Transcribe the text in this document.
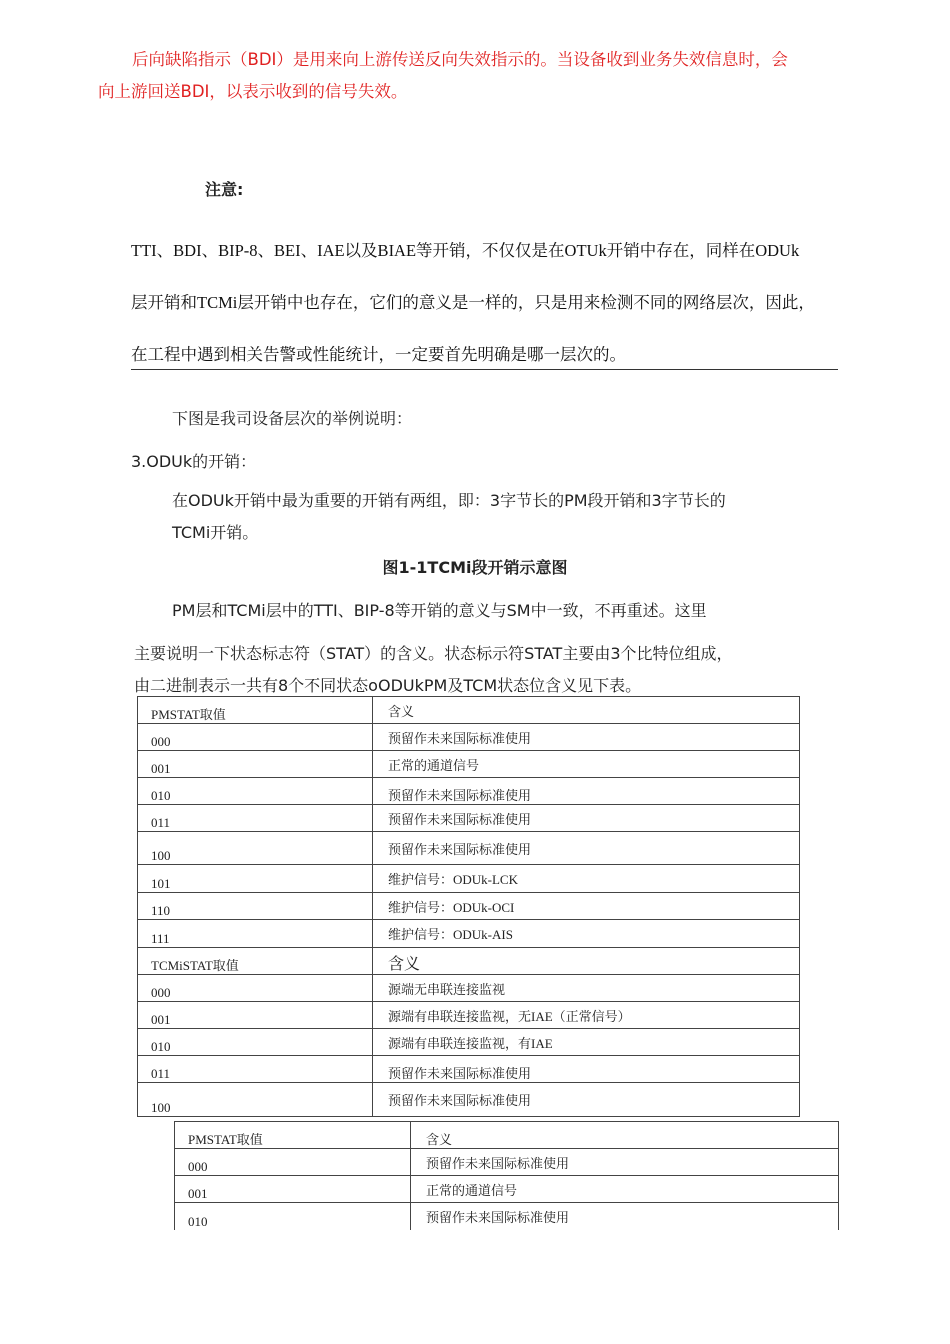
后向缺陷指示（BDI）是用来向上游传送反向失效指示的。当设备收到业务失效信息时，会
向上游回送BDI，以表示收到的信号失效。
注意:
TTI、BDI、BIP-8、BEI、IAE以及BIAE等开销，不仅仅是在OTUk开销中存在，同样在ODUk
层开销和TCMi层开销中也存在，它们的意义是一样的，只是用来检测不同的网络层次，因此，
在工程中遇到相关告警或性能统计，一定要首先明确是哪一层次的。
下图是我司设备层次的举例说明：
3.ODUk的开销：
在ODUk开销中最为重要的开销有两组，即：3字节长的PM段开销和3字节长的
TCMi开销。
图1-1TCMi段开销示意图
PM层和TCMi层中的TTI、BIP-8等开销的意义与SM中一致，不再重述。这里
主要说明一下状态标志符（STAT）的含义。状态标示符STAT主要由3个比特位组成，
由二进制表示一共有8个不同状态oODUkPM及TCM状态位含义见下表。
PMSTAT取值	含义
000	预留作未来国际标准使用
001	正常的通道信号
010	预留作未来国际标准使用
011	预留作未来国际标准使用
100	预留作未来国际标准使用
101	维护信号：ODUk-LCK
110	维护信号：ODUk-OCI
111	维护信号：ODUk-AIS
TCMiSTAT取值	含义
000	源端无串联连接监视
001	源端有串联连接监视，无IAE（正常信号）
010	源端有串联连接监视，有IAE
011	预留作未来国际标准使用
100	预留作未来国际标准使用
PMSTAT取值	含义
000	预留作未来国际标准使用
001	正常的通道信号
010	预留作未来国际标准使用
